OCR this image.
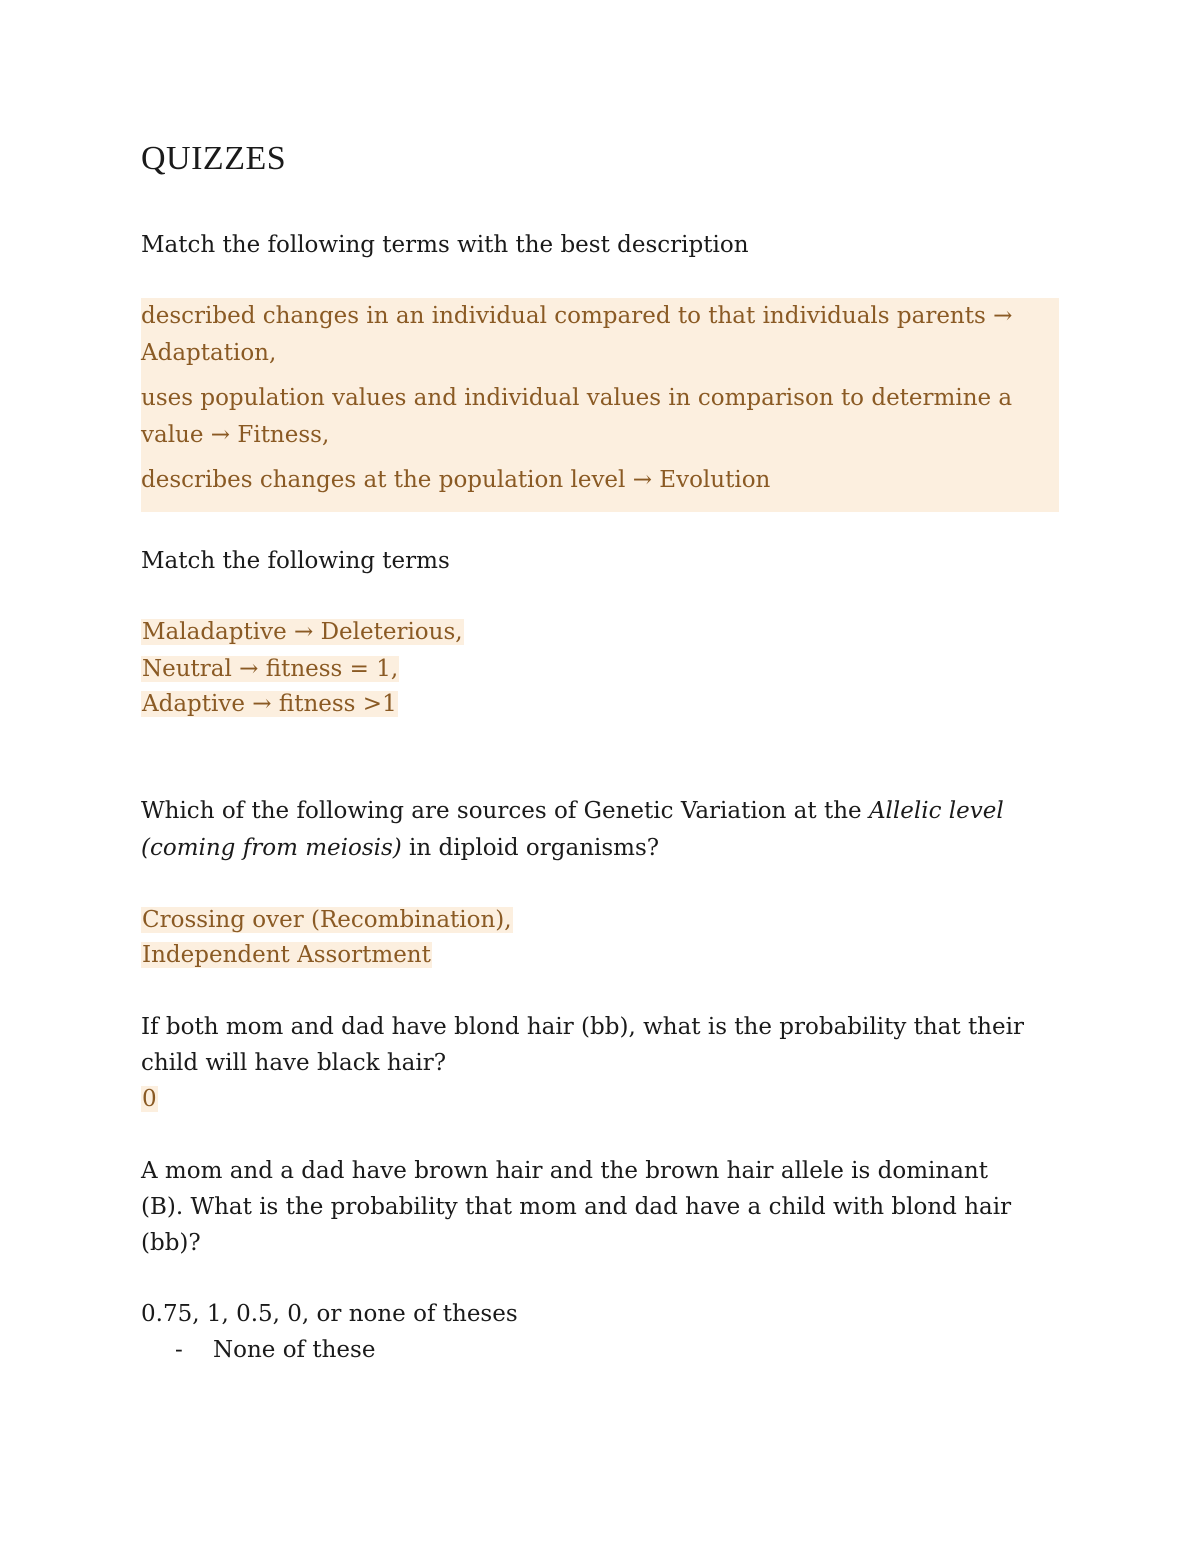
QUIZZES

Match the following terms with the best description

described changes in an individual compared to that individuals parents →
Adaptation,
uses population values and individual values in comparison to determine a
value → Fitness,
describes changes at the population level → Evolution

Match the following terms

Maladaptive → Deleterious,

Neutral → fitness = 1,

Adaptive → fitness >1

Which of the following are sources of Genetic Variation at the Allelic level

(coming from meiosis) in diploid organisms?

Crossing over (Recombination),

Independent Assortment

If both mom and dad have blond hair (bb), what is the probability that their

child will have black hair?

0

A mom and a dad have brown hair and the brown hair allele is dominant

(B). What is the probability that mom and dad have a child with blond hair

(bb)?

0.75, 1, 0.5, 0, or none of theses

- None of these
